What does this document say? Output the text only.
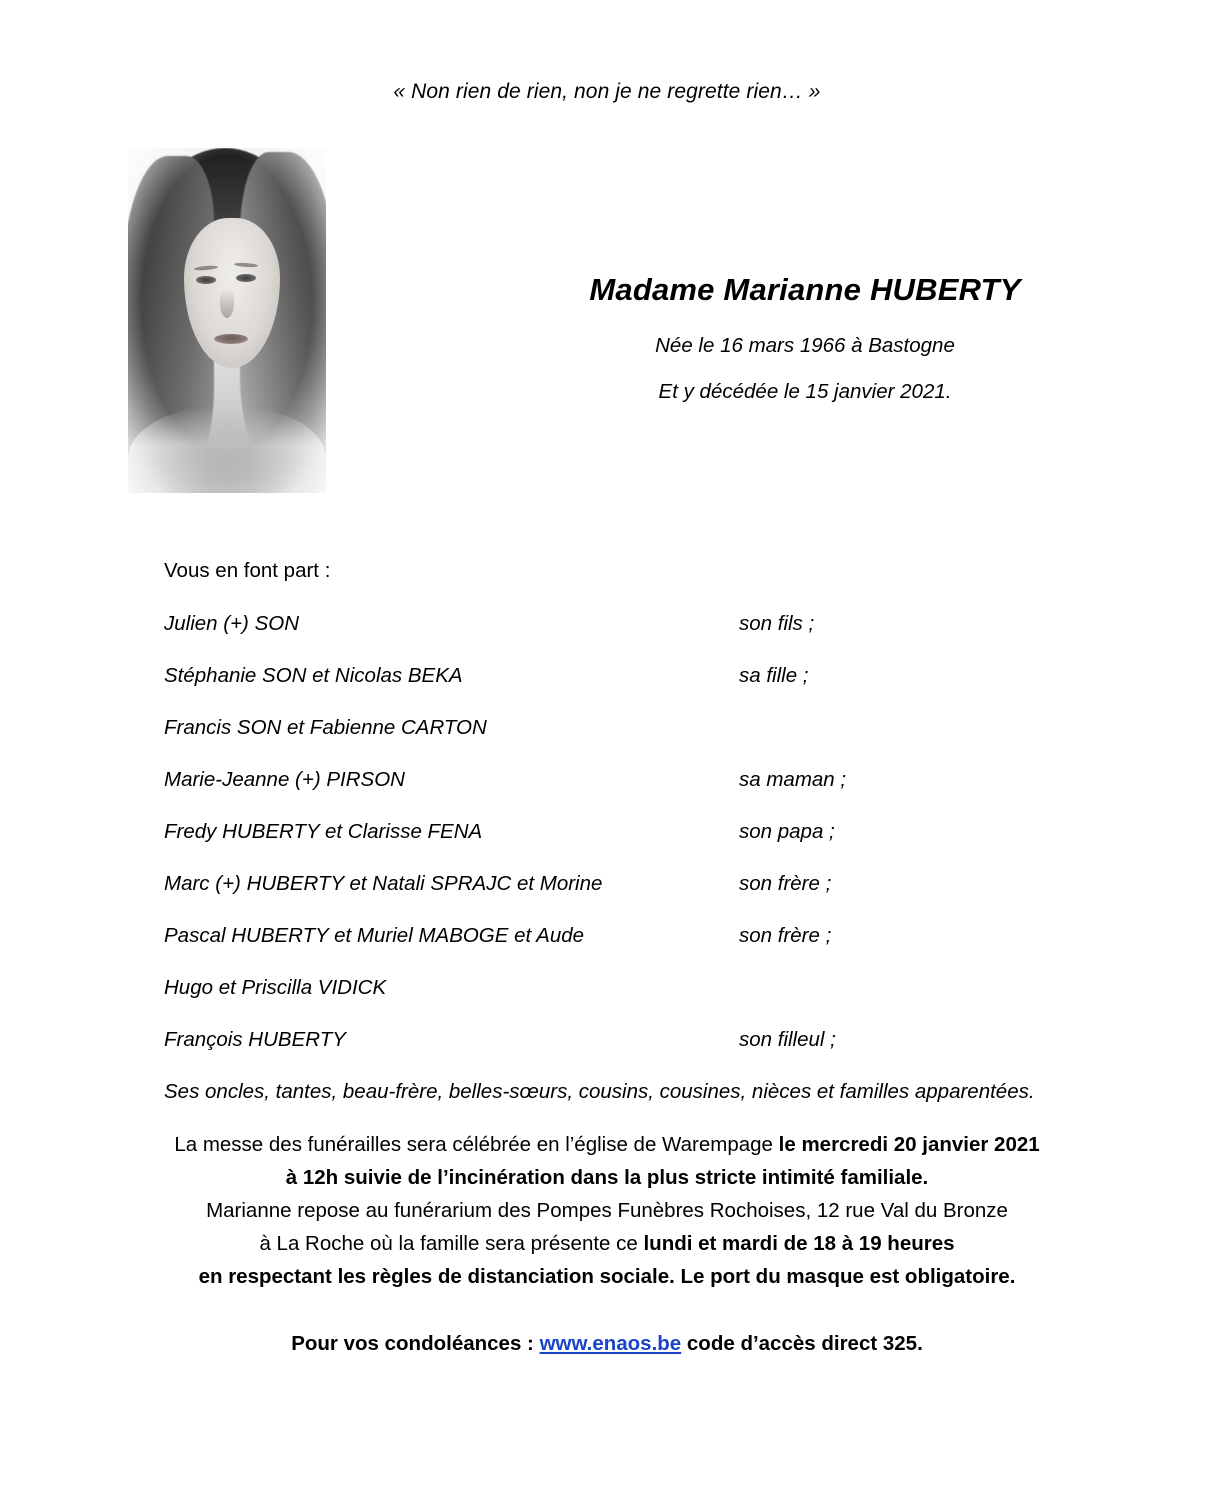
« Non rien de rien, non je ne regrette rien… »
Madame Marianne HUBERTY
Née le 16 mars 1966 à Bastogne
Et y décédée le 15 janvier 2021.
Vous en font part :
Julien (+) SON	son fils ;
Stéphanie SON et Nicolas BEKA	sa fille ;
Francis SON et Fabienne CARTON
Marie-Jeanne (+) PIRSON	sa maman ;
Fredy HUBERTY et Clarisse FENA	son papa ;
Marc (+) HUBERTY et Natali SPRAJC et Morine	son frère ;
Pascal HUBERTY et Muriel MABOGE et Aude	son frère ;
Hugo et Priscilla VIDICK
François HUBERTY	son filleul ;
Ses oncles, tantes, beau-frère, belles-sœurs, cousins, cousines, nièces et familles apparentées.
La messe des funérailles sera célébrée en l’église de Warempage le mercredi 20 janvier 2021
à 12h suivie de l’incinération dans la plus stricte intimité familiale.
Marianne repose au funérarium des Pompes Funèbres Rochoises, 12 rue Val du Bronze
à La Roche où la famille sera présente ce lundi et mardi de 18 à 19 heures
en respectant les règles de distanciation sociale. Le port du masque est obligatoire.
Pour vos condoléances : www.enaos.be code d’accès direct 325.
